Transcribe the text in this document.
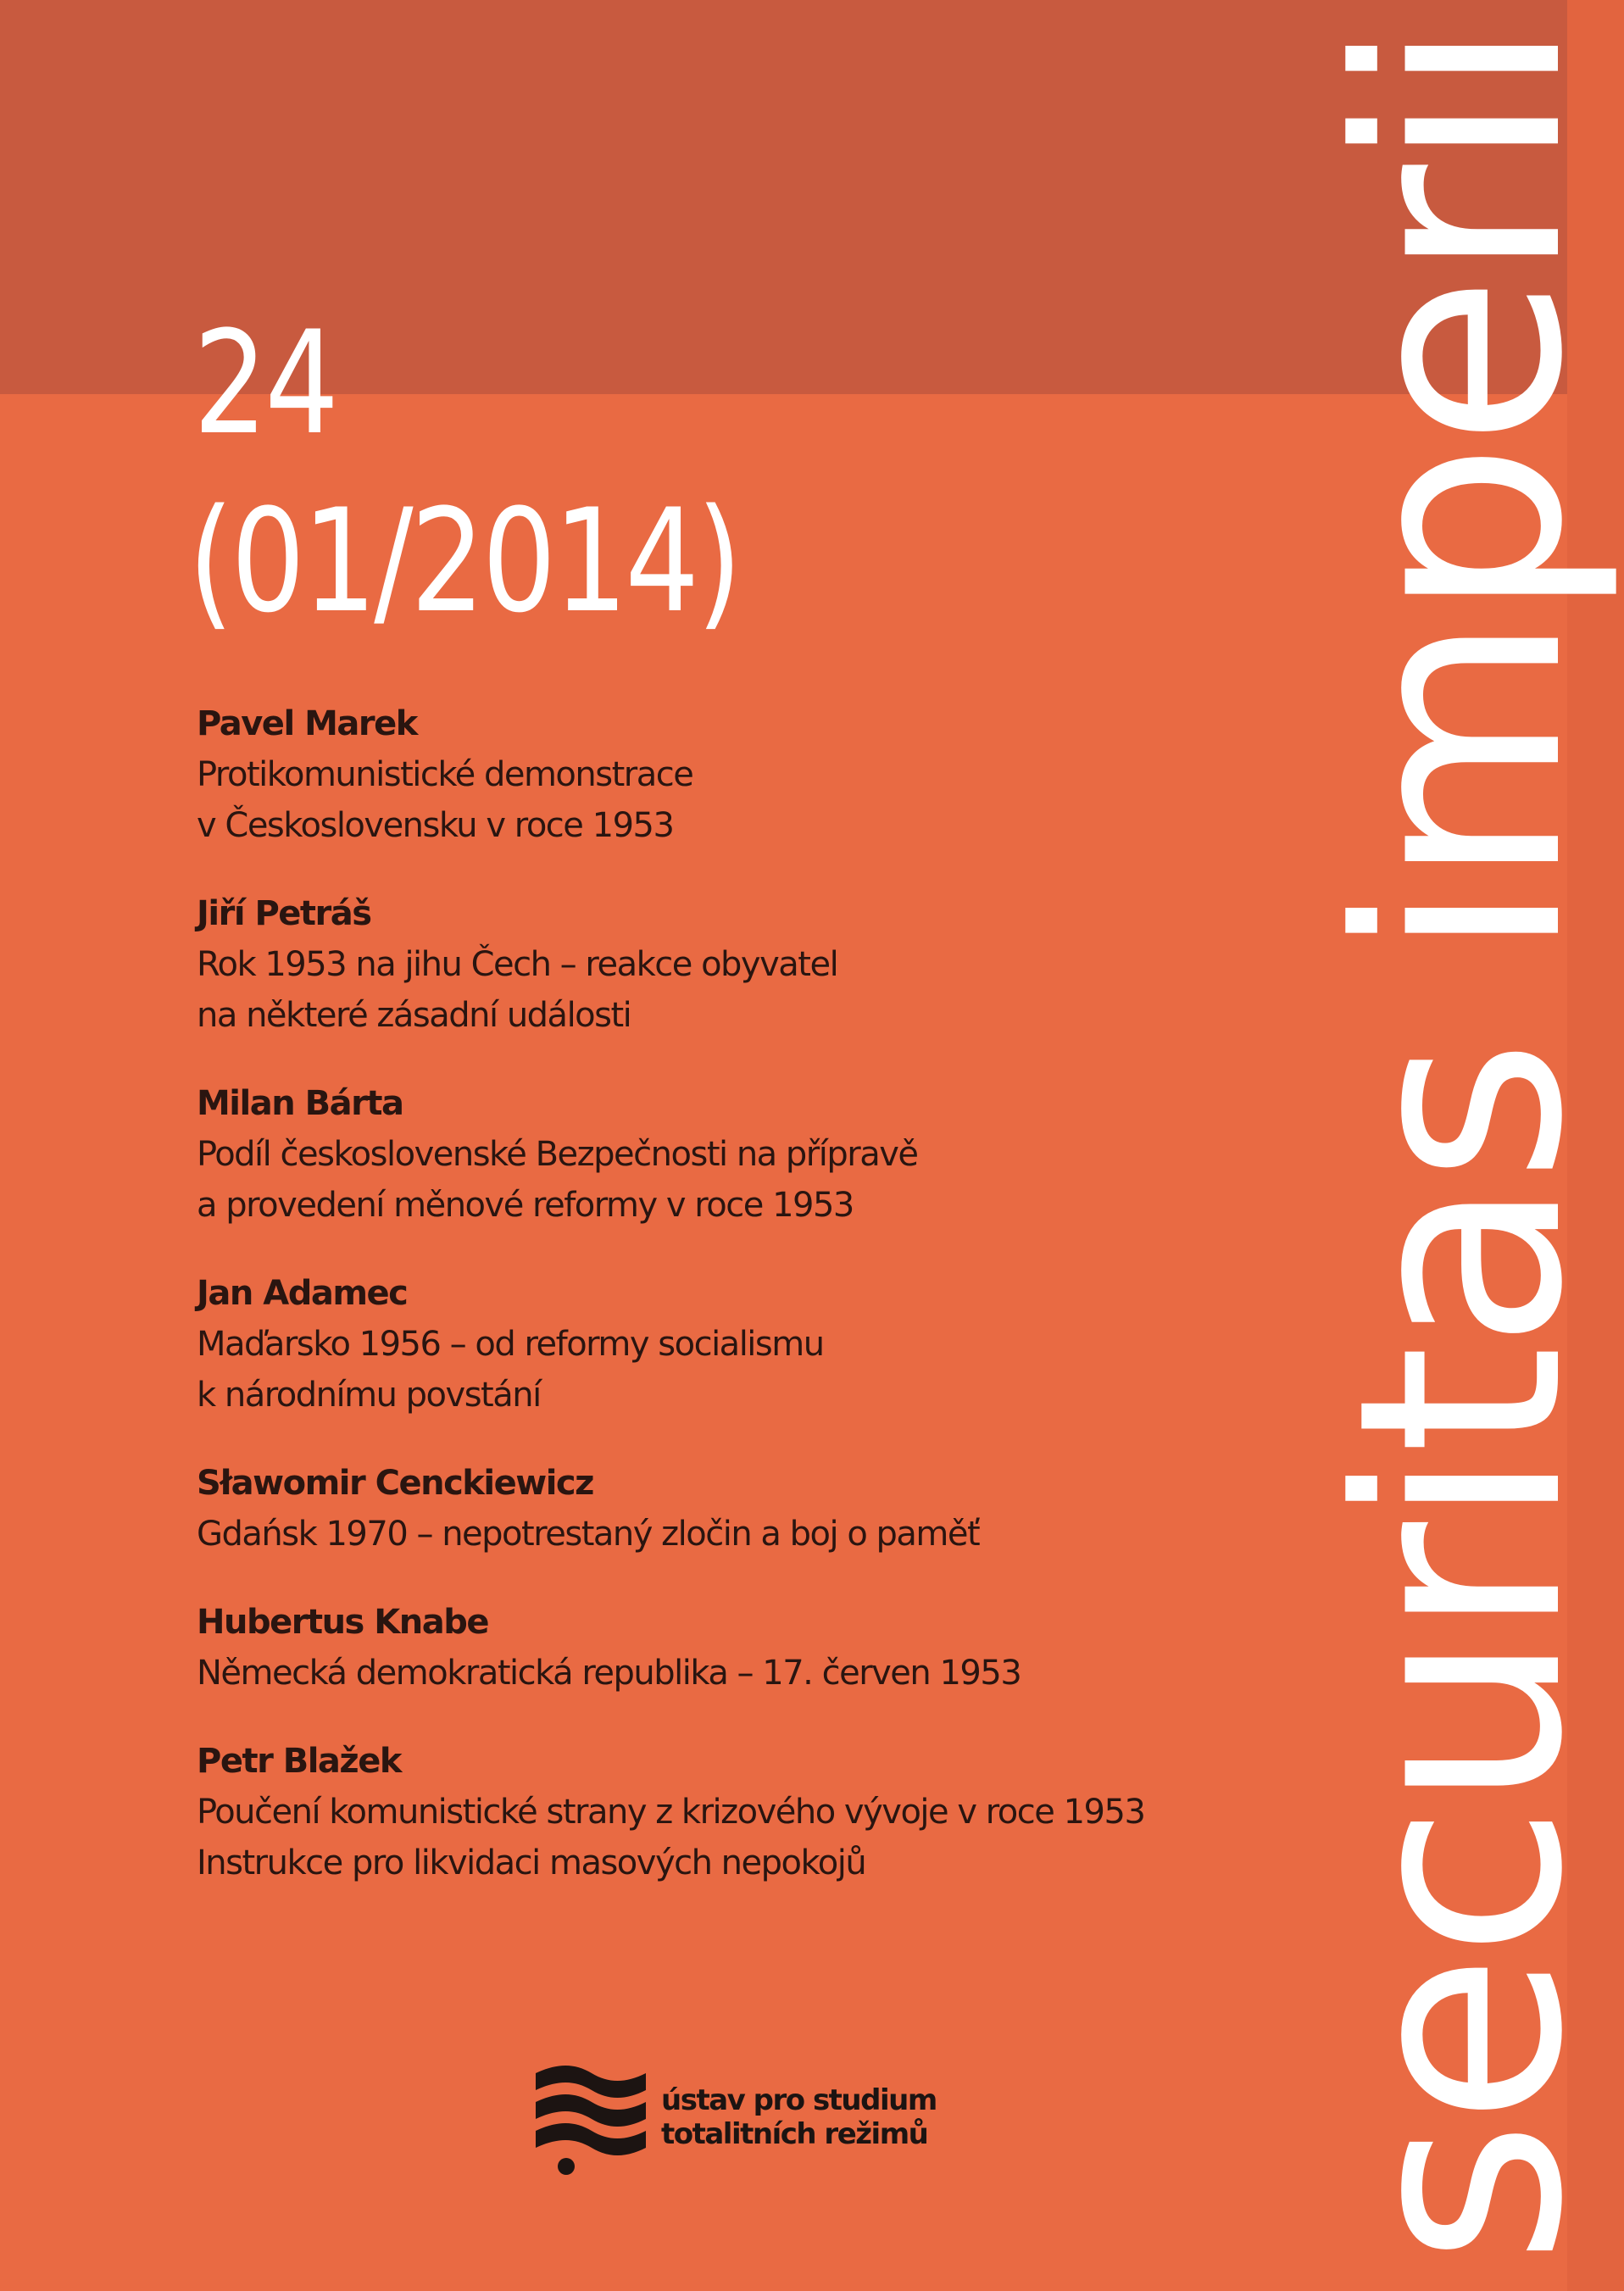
24

(01/2014)

Pavel Marek
Protikomunistické demonstrace
v Československu v roce 1953
Jiří Petráš
Rok 1953 na jihu Čech – reakce obyvatel
na některé zásadní události
Milan Bárta
Podíl československé Bezpečnosti na přípravě
a provedení měnové reformy v roce 1953
Jan Adamec
Maďarsko 1956 – od reformy socialismu
k národnímu povstání
Sławomir Cenckiewicz
Gdańsk 1970 – nepotrestaný zločin a boj o paměť
Hubertus Knabe
Německá demokratická republika – 17. červen 1953
Petr Blažek
Poučení komunistické strany z krizového vývoje v roce 1953
Instrukce pro likvidaci masových nepokojů	securitas imperii
ústav pro studium
totalitních režimů
